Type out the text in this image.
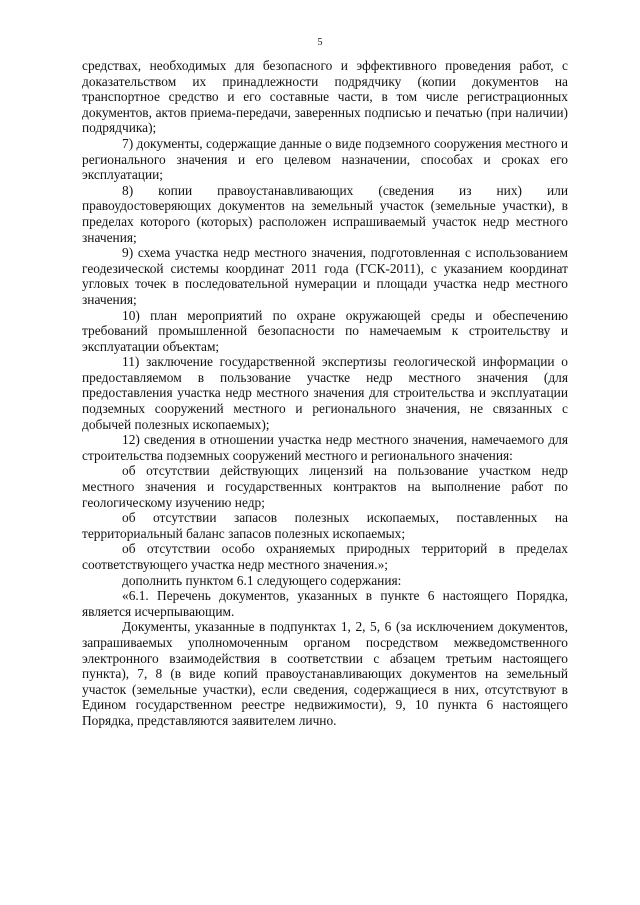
5

средствах, необходимых для безопасного и эффективного проведения работ, с доказательством их принадлежности подрядчику (копии документов на транспортное средство и его составные части, в том числе регистрационных документов, актов приема-передачи, заверенных подписью и печатью (при наличии) подрядчика);

7) документы, содержащие данные о виде подземного сооружения местного и регионального значения и его целевом назначении, способах и сроках его эксплуатации;

8) копии правоустанавливающих (сведения из них) или правоудостоверяющих документов на земельный участок (земельные участки), в пределах которого (которых) расположен испрашиваемый участок недр местного значения;

9) схема участка недр местного значения, подготовленная с использованием геодезической системы координат 2011 года (ГСК-2011), с указанием координат угловых точек в последовательной нумерации и площади участка недр местного значения;

10) план мероприятий по охране окружающей среды и обеспечению требований промышленной безопасности по намечаемым к строительству и эксплуатации объектам;

11) заключение государственной экспертизы геологической информации о предоставляемом в пользование участке недр местного значения (для предоставления участка недр местного значения для строительства и эксплуатации подземных сооружений местного и регионального значения, не связанных с добычей полезных ископаемых);

12) сведения в отношении участка недр местного значения, намечаемого для строительства подземных сооружений местного и регионального значения:

об отсутствии действующих лицензий на пользование участком недр местного значения и государственных контрактов на выполнение работ по геологическому изучению недр;

об отсутствии запасов полезных ископаемых, поставленных на территориальный баланс запасов полезных ископаемых;

об отсутствии особо охраняемых природных территорий в пределах соответствующего участка недр местного значения.»;

дополнить пунктом 6.1 следующего содержания:

«6.1. Перечень документов, указанных в пункте 6 настоящего Порядка, является исчерпывающим.

Документы, указанные в подпунктах 1, 2, 5, 6 (за исключением документов, запрашиваемых уполномоченным органом посредством межведомственного электронного взаимодействия в соответствии с абзацем третьим настоящего пункта), 7, 8 (в виде копий правоустанавливающих документов на земельный участок (земельные участки), если сведения, содержащиеся в них, отсутствуют в Едином государственном реестре недвижимости), 9, 10 пункта 6 настоящего Порядка, представляются заявителем лично.
